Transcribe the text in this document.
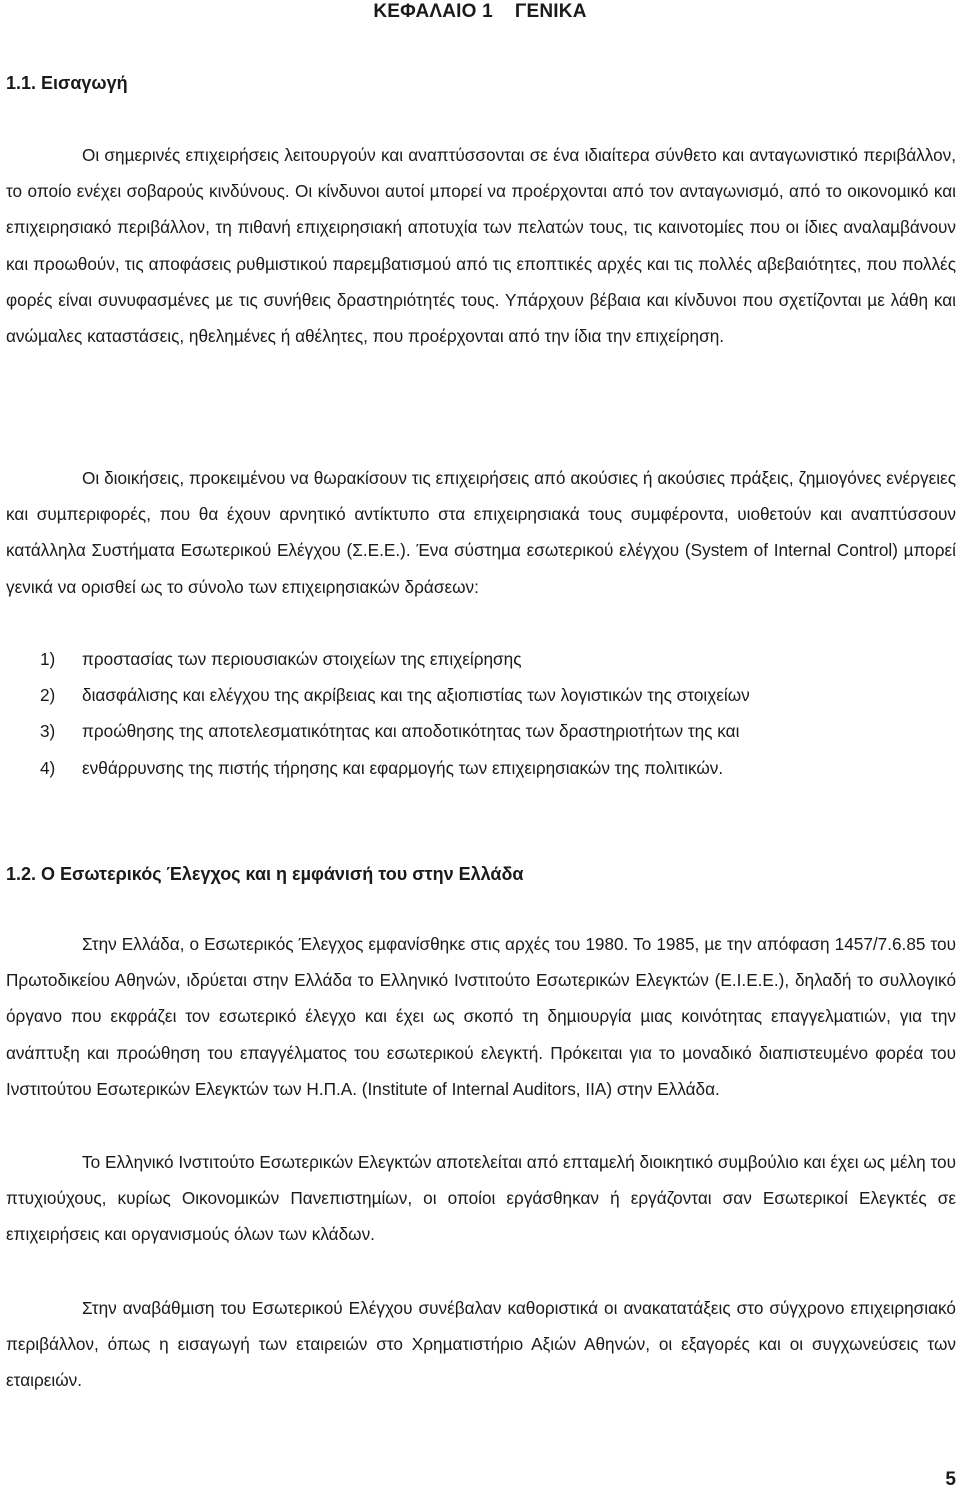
ΚΕΦΑΛΑΙΟ 1 ΓΕΝΙΚΑ
1.1. Εισαγωγή

Οι σηµερινές επιχειρήσεις λειτουργούν και αναπτύσσονται σε ένα ιδιαίτερα σύνθετο και ανταγωνιστικό περιβάλλον, το οποίο ενέχει σοβαρούς κινδύνους. Οι κίνδυνοι αυτοί µπορεί να προέρχονται από τον ανταγωνισµό, από το οικονοµικό και επιχειρησιακό περιβάλλον, τη πιθανή επιχειρησιακή αποτυχία των πελατών τους, τις καινοτοµίες που οι ίδιες αναλαµβάνουν και προωθούν, τις αποφάσεις ρυθµιστικού παρεµβατισµού από τις εποπτικές αρχές και τις πολλές αβεβαιότητες, που πολλές φορές είναι συνυφασµένες µε τις συνήθεις δραστηριότητές τους. Υπάρχουν βέβαια και κίνδυνοι που σχετίζονται µε λάθη και ανώµαλες καταστάσεις, ηθεληµένες ή αθέλητες, που προέρχονται από την ίδια την επιχείρηση.

Οι διοικήσεις, προκειµένου να θωρακίσουν τις επιχειρήσεις από ακούσιες ή ακούσιες πράξεις, ζηµιογόνες ενέργειες και συµπεριφορές, που θα έχουν αρνητικό αντίκτυπο στα επιχειρησιακά τους συµφέροντα, υιοθετούν και αναπτύσσουν κατάλληλα Συστήµατα Εσωτερικού Ελέγχου (Σ.Ε.Ε.). Ένα σύστηµα εσωτερικού ελέγχου (System of Internal Control) µπορεί γενικά να ορισθεί ως το σύνολο των επιχειρησιακών δράσεων:

1)	προστασίας των περιουσιακών στοιχείων της επιχείρησης
2)	διασφάλισης και ελέγχου της ακρίβειας και της αξιοπιστίας των λογιστικών της στοιχείων
3)	προώθησης της αποτελεσµατικότητας και αποδοτικότητας των δραστηριοτήτων της και
4)	ενθάρρυνσης της πιστής τήρησης και εφαρµογής των επιχειρησιακών της πολιτικών.
1.2. Ο Εσωτερικός Έλεγχος και η εµφάνισή του στην Ελλάδα

Στην Ελλάδα, ο Εσωτερικός Έλεγχος εµφανίσθηκε στις αρχές του 1980. Το 1985, µε την απόφαση 1457/7.6.85 του Πρωτοδικείου Αθηνών, ιδρύεται στην Ελλάδα το Ελληνικό Ινστιτούτο Εσωτερικών Ελεγκτών (Ε.Ι.Ε.Ε.), δηλαδή το συλλογικό όργανο που εκφράζει τον εσωτερικό έλεγχο και έχει ως σκοπό τη δηµιουργία µιας κοινότητας επαγγελµατιών, για την ανάπτυξη και προώθηση του επαγγέλµατος του εσωτερικού ελεγκτή. Πρόκειται για το µοναδικό διαπιστευµένο φορέα του Ινστιτούτου Εσωτερικών Ελεγκτών των Η.Π.Α. (Institute of Internal Auditors, IIA) στην Ελλάδα.

Το Ελληνικό Ινστιτούτο Εσωτερικών Ελεγκτών αποτελείται από επταµελή διοικητικό συµβούλιο και έχει ως µέλη του πτυχιούχους, κυρίως Οικονοµικών Πανεπιστηµίων, οι οποίοι εργάσθηκαν ή εργάζονται σαν Εσωτερικοί Ελεγκτές σε επιχειρήσεις και οργανισµούς όλων των κλάδων.

Στην αναβάθµιση του Εσωτερικού Ελέγχου συνέβαλαν καθοριστικά οι ανακατατάξεις στο σύγχρονο επιχειρησιακό περιβάλλον, όπως η εισαγωγή των εταιρειών στο Χρηµατιστήριο Αξιών Αθηνών, οι εξαγορές και οι συγχωνεύσεις των εταιρειών.

5
